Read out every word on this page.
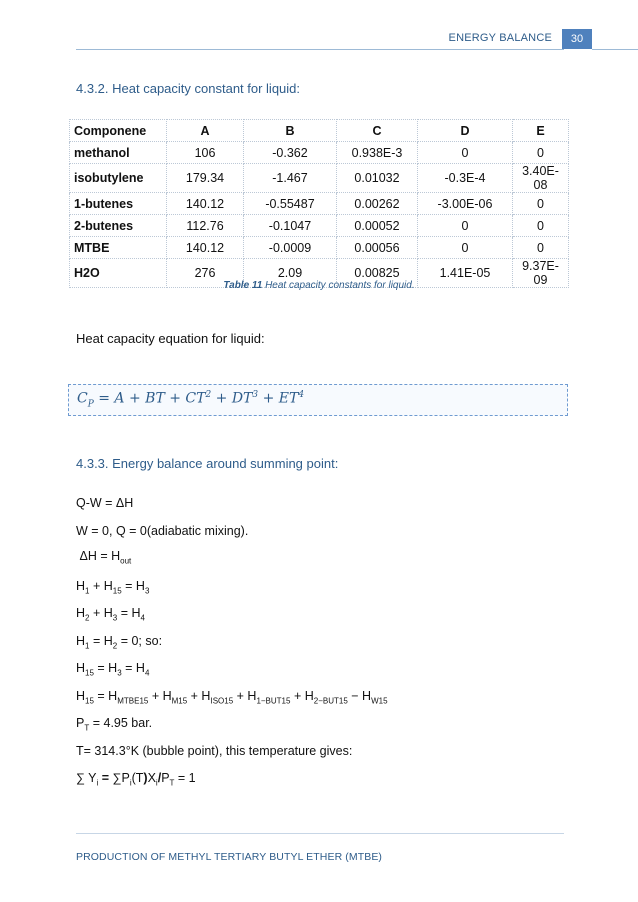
ENERGY BALANCE	30
4.3.2. Heat capacity constant for liquid:
Componene	A	B	C	D	E
methanol	106	-0.362	0.938E-3	0	0
isobutylene	179.34	-1.467	0.01032	-0.3E-4	3.40E-08
1-butenes	140.12	-0.55487	0.00262	-3.00E-06	0
2-butenes	112.76	-0.1047	0.00052	0	0
MTBE	140.12	-0.0009	0.00056	0	0
H2O	276	2.09	0.00825	1.41E-05	9.37E-09
Table 11 Heat capacity constants for liquid.
Heat capacity equation for liquid:
$C_P = A$ + BT + $CT^2 + DT^3 + ET^4$
4.3.3. Energy balance around summing point:
Q-W = ΔH
W = 0, Q = 0(adiabatic mixing).
$\Delta H = H_{out}$
$H_1 + H_{15} = H_3$
$H_2 + H_3 = H_4$
$H_1 = H_2 = 0$; so:
$H_{15} = H_3 = H_4$
$H_{15} = H_{MTBE15} + H_{M15} + H_{ISO15} + H_{1-BUT15} + H_{2-BUT15} - H_{W15}$
$P_T = 4.95$ bar.
T= 314.3°K (bubble point), this temperature gives:
∑ $Y_i = \sum P_i(T)X_i/P_T = 1$
PRODUCTION OF METHYL TERTIARY BUTYL ETHER (MTBE)
